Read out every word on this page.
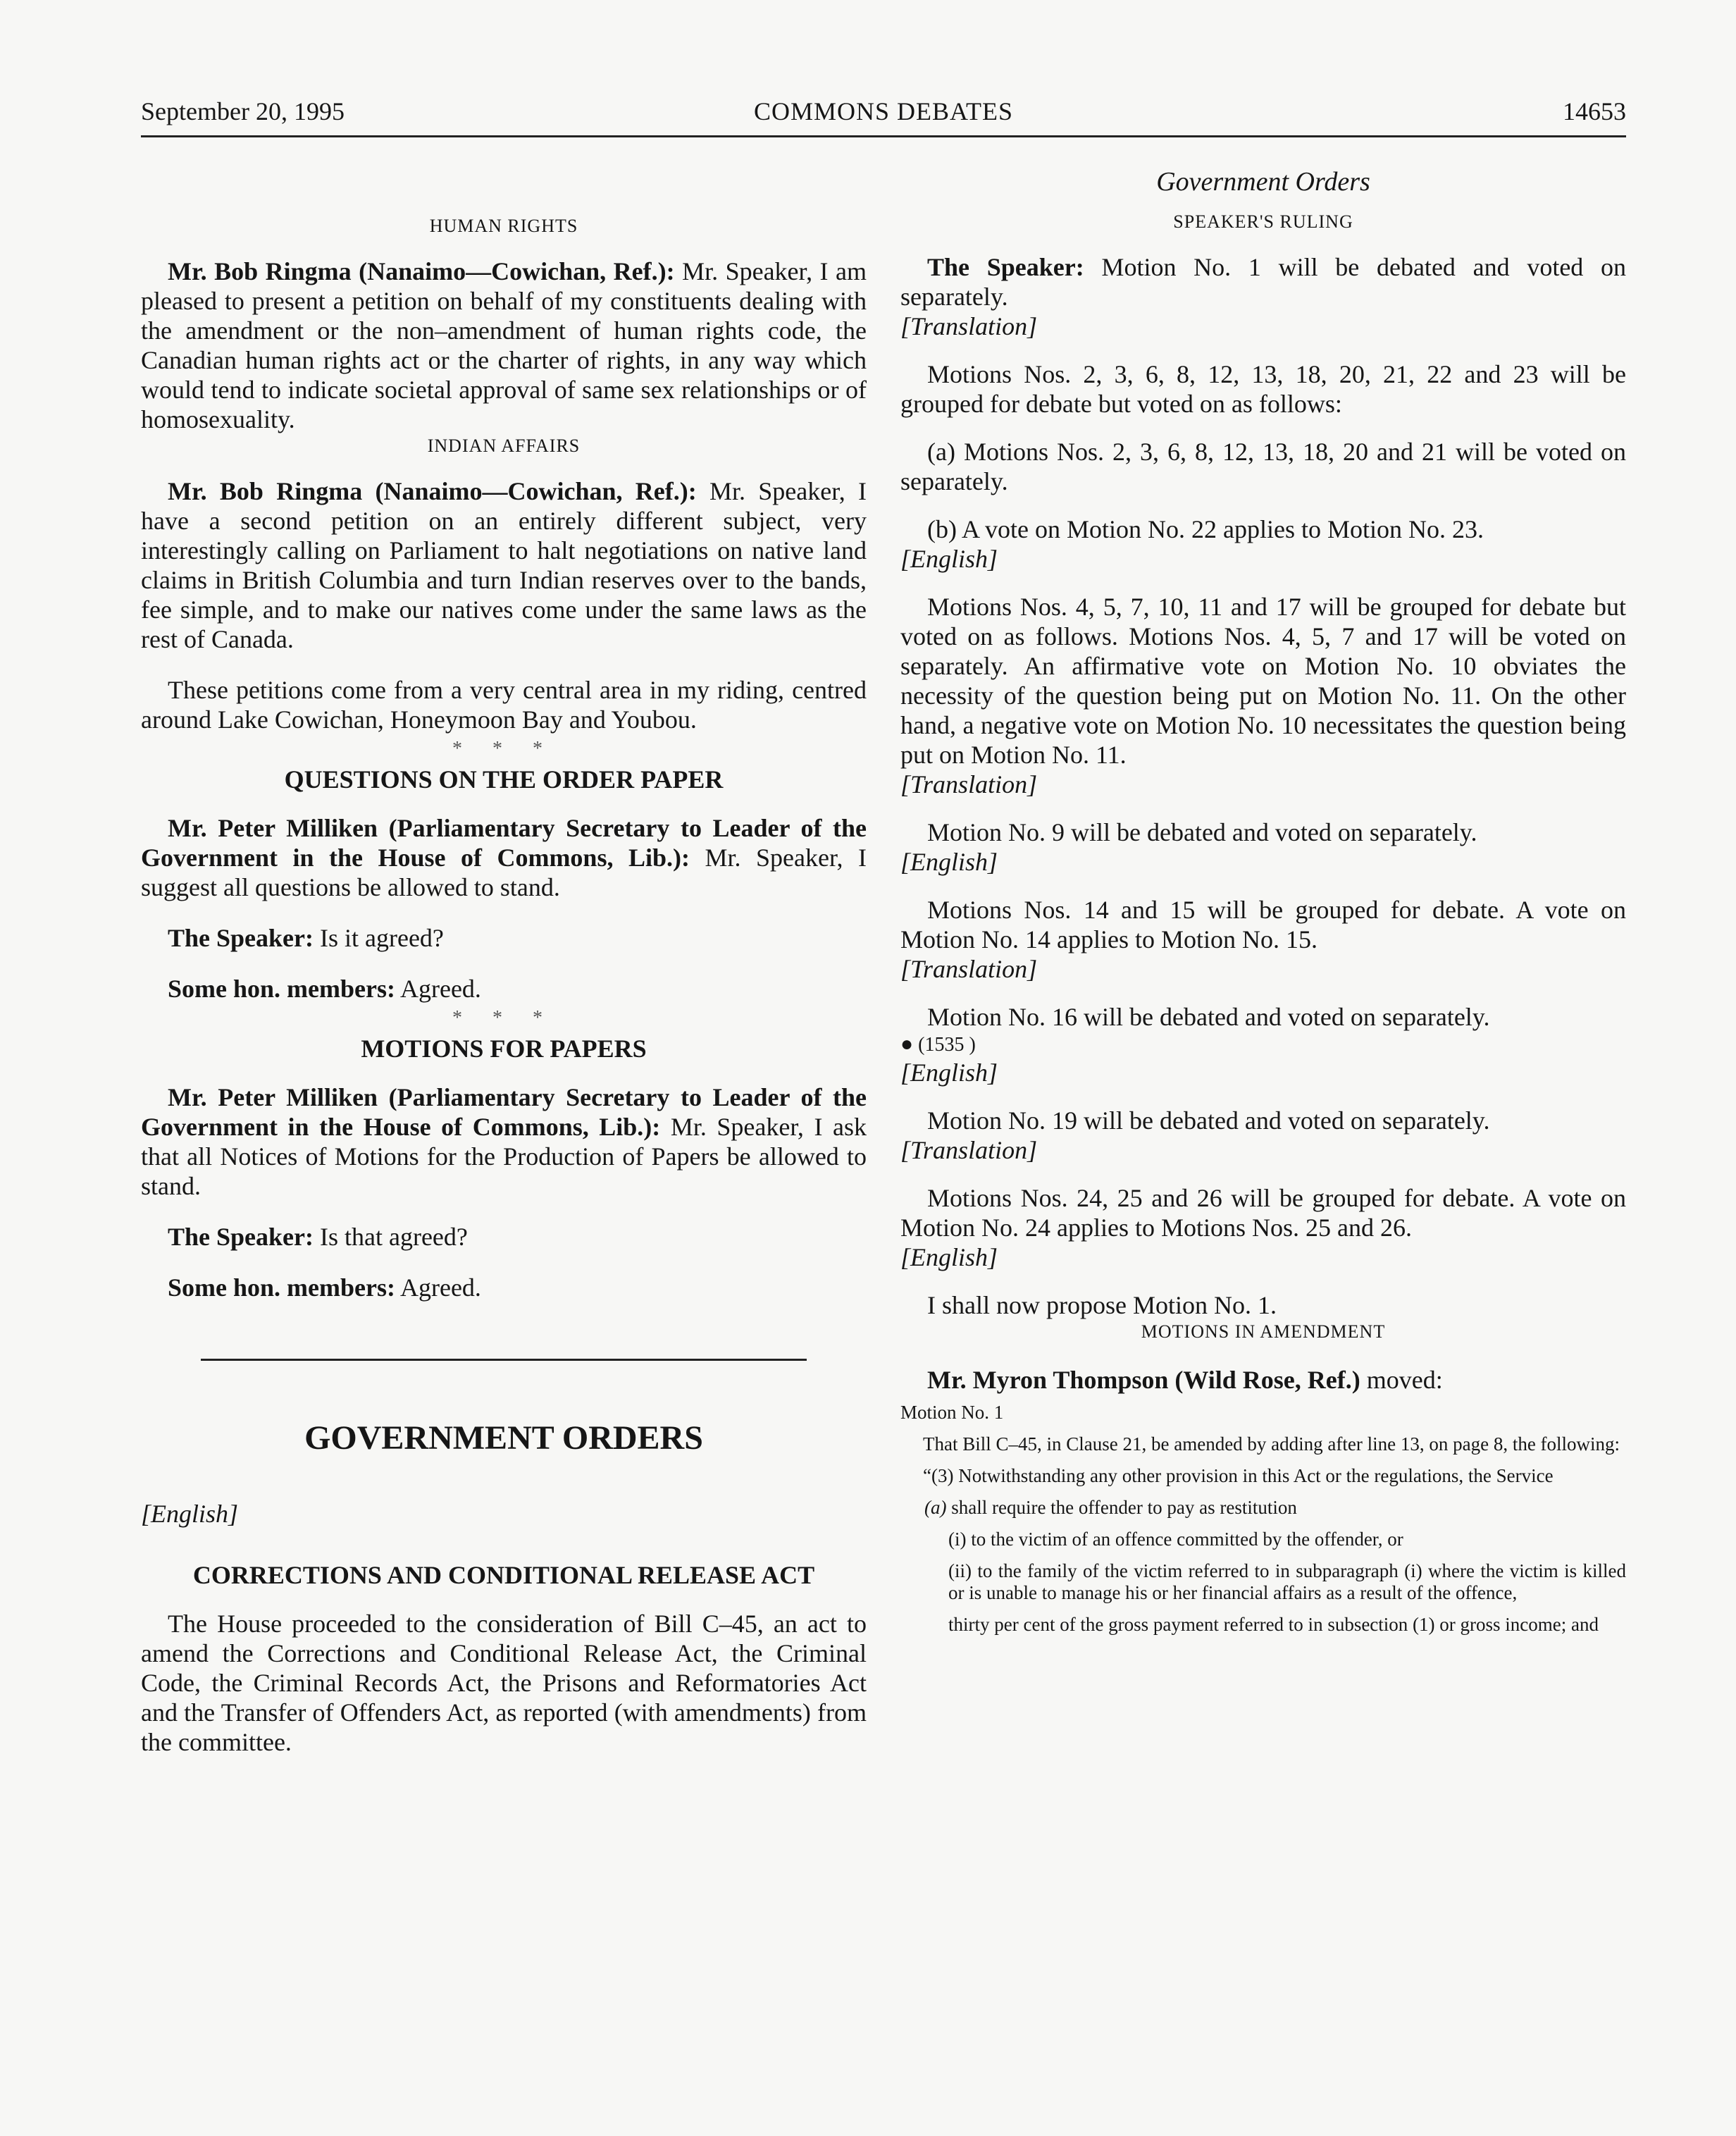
September 20, 1995	COMMONS DEBATES	14653

HUMAN RIGHTS

Mr. Bob Ringma (Nanaimo—Cowichan, Ref.): Mr. Speaker, I am pleased to present a petition on behalf of my constituents dealing with the amendment or the non–amendment of human rights code, the Canadian human rights act or the charter of rights, in any way which would tend to indicate societal approval of same sex relationships or of homosexuality.

INDIAN AFFAIRS

Mr. Bob Ringma (Nanaimo—Cowichan, Ref.): Mr. Speaker, I have a second petition on an entirely different subject, very interestingly calling on Parliament to halt negotiations on native land claims in British Columbia and turn Indian reserves over to the bands, fee simple, and to make our natives come under the same laws as the rest of Canada.

These petitions come from a very central area in my riding, centred around Lake Cowichan, Honeymoon Bay and Youbou.

* * *

QUESTIONS ON THE ORDER PAPER

Mr. Peter Milliken (Parliamentary Secretary to Leader of the Government in the House of Commons, Lib.): Mr. Speaker, I suggest all questions be allowed to stand.

The Speaker: Is it agreed?

Some hon. members: Agreed.

* * *

MOTIONS FOR PAPERS

Mr. Peter Milliken (Parliamentary Secretary to Leader of the Government in the House of Commons, Lib.): Mr. Speaker, I ask that all Notices of Motions for the Production of Papers be allowed to stand.

The Speaker: Is that agreed?

Some hon. members: Agreed.

GOVERNMENT ORDERS

[English]

CORRECTIONS AND CONDITIONAL RELEASE ACT

The House proceeded to the consideration of Bill C–45, an act to amend the Corrections and Conditional Release Act, the Criminal Code, the Criminal Records Act, the Prisons and Reformatories Act and the Transfer of Offenders Act, as reported (with amendments) from the committee.

Government Orders

SPEAKER'S RULING

The Speaker: Motion No. 1 will be debated and voted on separately.

[Translation]

Motions Nos. 2, 3, 6, 8, 12, 13, 18, 20, 21, 22 and 23 will be grouped for debate but voted on as follows:

(a) Motions Nos. 2, 3, 6, 8, 12, 13, 18, 20 and 21 will be voted on separately.

(b) A vote on Motion No. 22 applies to Motion No. 23.

[English]

Motions Nos. 4, 5, 7, 10, 11 and 17 will be grouped for debate but voted on as follows. Motions Nos. 4, 5, 7 and 17 will be voted on separately. An affirmative vote on Motion No. 10 obviates the necessity of the question being put on Motion No. 11. On the other hand, a negative vote on Motion No. 10 necessitates the question being put on Motion No. 11.

[Translation]

Motion No. 9 will be debated and voted on separately.

[English]

Motions Nos. 14 and 15 will be grouped for debate. A vote on Motion No. 14 applies to Motion No. 15.

[Translation]

Motion No. 16 will be debated and voted on separately.

● (1535 )

[English]

Motion No. 19 will be debated and voted on separately.

[Translation]

Motions Nos. 24, 25 and 26 will be grouped for debate. A vote on Motion No. 24 applies to Motions Nos. 25 and 26.

[English]

I shall now propose Motion No. 1.

MOTIONS IN AMENDMENT

Mr. Myron Thompson (Wild Rose, Ref.) moved:

Motion No. 1

That Bill C–45, in Clause 21, be amended by adding after line 13, on page 8, the following:

“(3) Notwithstanding any other provision in this Act or the regulations, the Service

(a) shall require the offender to pay as restitution

(i) to the victim of an offence committed by the offender, or

(ii) to the family of the victim referred to in subparagraph (i) where the victim is killed or is unable to manage his or her financial affairs as a result of the offence,

thirty per cent of the gross payment referred to in subsection (1) or gross income; and
